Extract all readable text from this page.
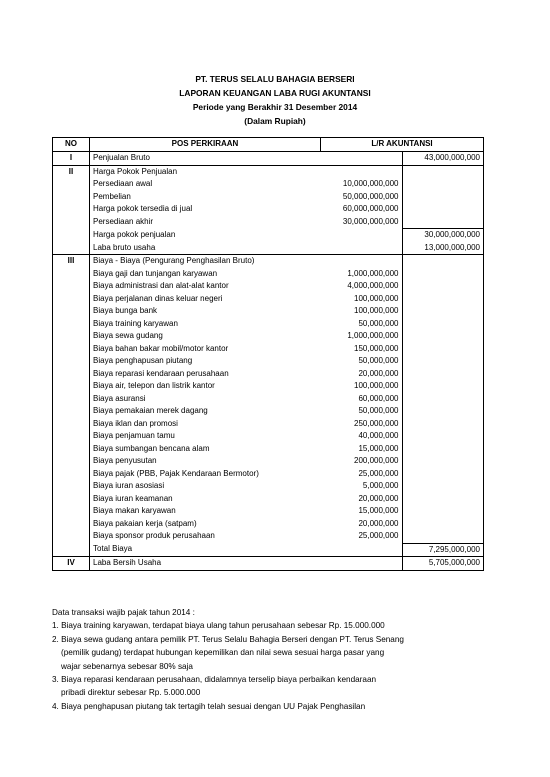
PT. TERUS SELALU BAHAGIA BERSERI
LAPORAN KEUANGAN LABA RUGI AKUNTANSI
Periode yang Berakhir 31 Desember 2014
(Dalam Rupiah)
NO	POS PERKIRAAN	L/R AKUNTANSI	
I	Penjualan Bruto		43,000,000,000
II	Harga Pokok Penjualan		
	Persediaan awal	10,000,000,000	
	Pembelian	50,000,000,000	
	Harga pokok tersedia di jual	60,000,000,000	
	Persediaan akhir	30,000,000,000	
	Harga pokok penjualan		30,000,000,000
	Laba bruto usaha		13,000,000,000
III	Biaya - Biaya (Pengurang Penghasilan Bruto)		
	Biaya gaji dan tunjangan karyawan	1,000,000,000	
	Biaya administrasi dan alat-alat kantor	4,000,000,000	
	Biaya perjalanan dinas keluar negeri	100,000,000	
	Biaya bunga bank	100,000,000	
	Biaya training karyawan	50,000,000	
	Biaya sewa gudang	1,000,000,000	
	Biaya bahan bakar mobil/motor kantor	150,000,000	
	Biaya penghapusan piutang	50,000,000	
	Biaya reparasi kendaraan perusahaan	20,000,000	
	Biaya air, telepon dan listrik kantor	100,000,000	
	Biaya asuransi	60,000,000	
	Biaya pemakaian merek dagang	50,000,000	
	Biaya iklan dan promosi	250,000,000	
	Biaya penjamuan tamu	40,000,000	
	Biaya sumbangan bencana alam	15,000,000	
	Biaya penyusutan	200,000,000	
	Biaya pajak (PBB, Pajak Kendaraan Bermotor)	25,000,000	
	Biaya iuran asosiasi	5,000,000	
	Biaya iuran keamanan	20,000,000	
	Biaya makan karyawan	15,000,000	
	Biaya pakaian kerja (satpam)	20,000,000	
	Biaya sponsor produk perusahaan	25,000,000	
	Total Biaya		7,295,000,000
IV	Laba Bersih Usaha		5,705,000,000
Data transaksi wajib pajak tahun 2014 :
1. Biaya training karyawan, terdapat biaya ulang tahun perusahaan sebesar Rp. 15.000.000
2. Biaya sewa gudang antara pemilik PT. Terus Selalu Bahagia Berseri dengan PT. Terus Senang
(pemilik gudang) terdapat hubungan kepemilikan dan nilai sewa sesuai harga pasar yang
wajar sebenarnya sebesar 80% saja
3. Biaya reparasi kendaraan perusahaan, didalamnya terselip biaya perbaikan kendaraan
pribadi direktur sebesar Rp. 5.000.000
4. Biaya penghapusan piutang tak tertagih telah sesuai dengan UU Pajak Penghasilan
